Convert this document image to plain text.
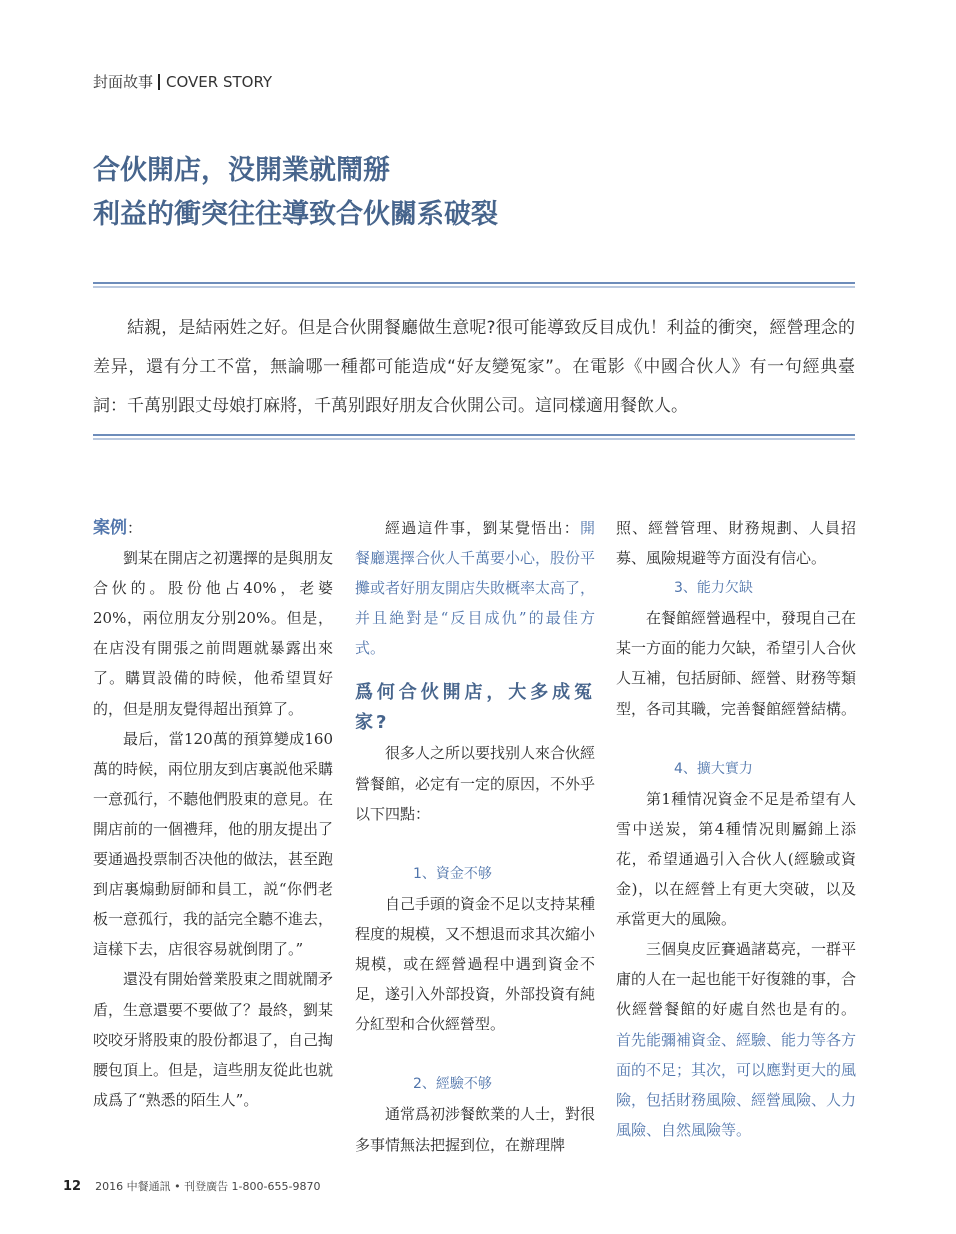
封面故事 COVER STORY
合伙開店，没開業就鬧掰
利益的衝突往往導致合伙關系破裂

結親，是結兩姓之好。但是合伙開餐廳做生意呢?很可能導致反目成仇！利益的衝突，經營理念的差异，還有分工不當，無論哪一種都可能造成“好友變冤家”。在電影《中國合伙人》有一句經典臺詞：千萬别跟丈母娘打麻將，千萬别跟好朋友合伙開公司。這同樣適用餐飲人。

案例：

劉某在開店之初選擇的是與朋友合伙的。股份他占40%，老婆20%，兩位朋友分别20%。但是，在店没有開張之前問題就暴露出來了。購買設備的時候，他希望買好的，但是朋友覺得超出預算了。

最后，當120萬的預算變成160萬的時候，兩位朋友到店裏説他采購一意孤行，不聽他們股東的意見。在開店前的一個禮拜，他的朋友提出了要通過投票制否决他的做法，甚至跑到店裏煽動厨師和員工，説“你們老板一意孤行，我的話完全聽不進去，這樣下去，店很容易就倒閉了。”

還没有開始營業股東之間就鬧矛盾，生意還要不要做了？最終，劉某咬咬牙將股東的股份都退了，自己掏腰包頂上。但是，這些朋友從此也就成爲了“熟悉的陌生人”。

經過這件事，劉某覺悟出：開餐廳選擇合伙人千萬要小心，股份平攤或者好朋友開店失敗概率太高了，并且絶對是“反目成仇”的最佳方式。

爲何合伙開店，大多成冤家?

很多人之所以要找别人來合伙經營餐館，必定有一定的原因，不外乎以下四點：

1、資金不够

自己手頭的資金不足以支持某種程度的規模，又不想退而求其次縮小規模，或在經營過程中遇到資金不足，遂引入外部投資，外部投資有純分紅型和合伙經營型。

2、經驗不够

通常爲初涉餐飲業的人士，對很多事情無法把握到位，在辦理牌

照、經營管理、財務規劃、人員招募、風險規避等方面没有信心。

3、能力欠缺

在餐館經營過程中，發現自己在某一方面的能力欠缺，希望引人合伙人互補，包括厨師、經營、財務等類型，各司其職，完善餐館經營結構。

4、擴大實力

第1種情况資金不足是希望有人雪中送炭，第4種情况則屬錦上添花，希望通過引入合伙人(經驗或資金)，以在經營上有更大突破，以及承當更大的風險。

三個臭皮匠賽過諸葛亮，一群平庸的人在一起也能干好復雜的事，合伙經營餐館的好處自然也是有的。首先能彌補資金、經驗、能力等各方面的不足；其次，可以應對更大的風險，包括財務風險、經營風險、人力風險、自然風險等。

12 2016 中餐通訊 • 刊登廣告 1-800-655-9870
